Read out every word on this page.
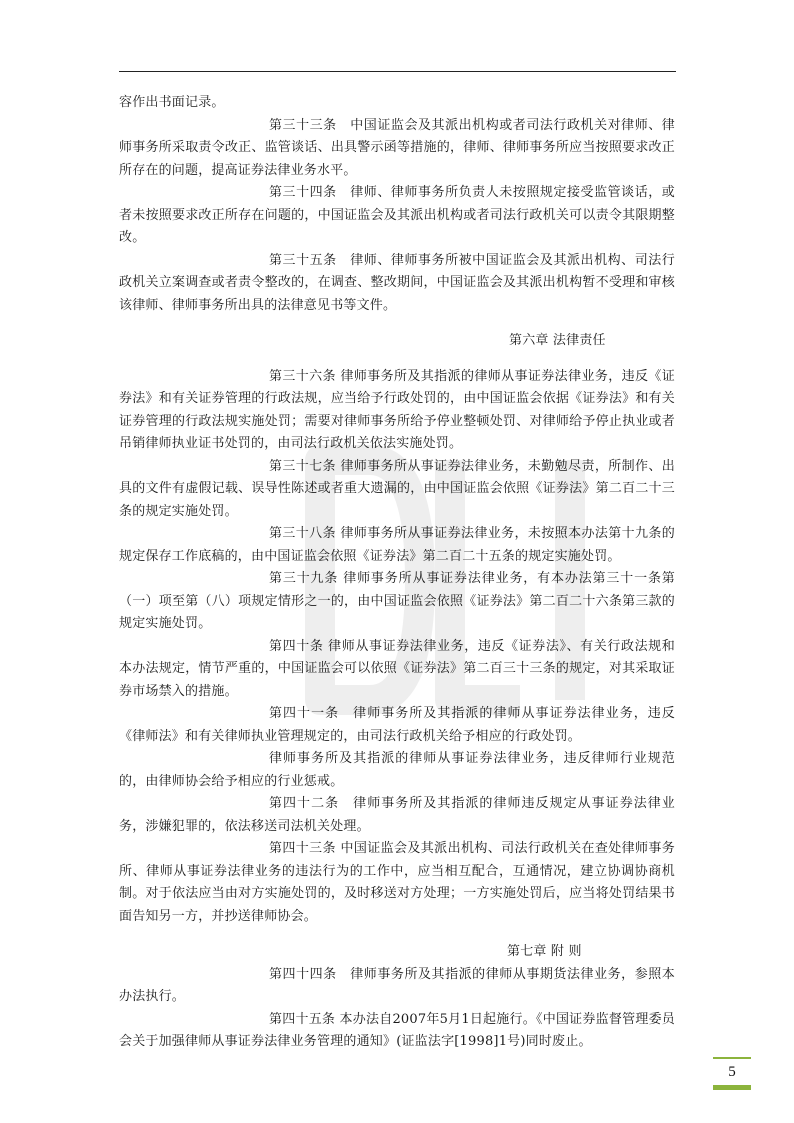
容作出书面记录。

第三十三条　中国证监会及其派出机构或者司法行政机关对律师、律师事务所采取责令改正、监管谈话、出具警示函等措施的，律师、律师事务所应当按照要求改正所存在的问题，提高证券法律业务水平。

第三十四条　律师、律师事务所负责人未按照规定接受监管谈话，或者未按照要求改正所存在问题的，中国证监会及其派出机构或者司法行政机关可以责令其限期整改。

第三十五条　律师、律师事务所被中国证监会及其派出机构、司法行政机关立案调查或者责令整改的，在调查、整改期间，中国证监会及其派出机构暂不受理和审核该律师、律师事务所出具的法律意见书等文件。

第六章 法律责任

第三十六条 律师事务所及其指派的律师从事证券法律业务，违反《证券法》和有关证券管理的行政法规，应当给予行政处罚的，由中国证监会依据《证券法》和有关证券管理的行政法规实施处罚；需要对律师事务所给予停业整顿处罚、对律师给予停止执业或者吊销律师执业证书处罚的，由司法行政机关依法实施处罚。

第三十七条 律师事务所从事证券法律业务，未勤勉尽责，所制作、出具的文件有虚假记载、误导性陈述或者重大遗漏的，由中国证监会依照《证券法》第二百二十三条的规定实施处罚。

第三十八条 律师事务所从事证券法律业务，未按照本办法第十九条的规定保存工作底稿的，由中国证监会依照《证券法》第二百二十五条的规定实施处罚。

第三十九条 律师事务所从事证券法律业务，有本办法第三十一条第（一）项至第（八）项规定情形之一的，由中国证监会依照《证券法》第二百二十六条第三款的规定实施处罚。

第四十条 律师从事证券法律业务，违反《证券法》、有关行政法规和本办法规定，情节严重的，中国证监会可以依照《证券法》第二百三十三条的规定，对其采取证券市场禁入的措施。

第四十一条　律师事务所及其指派的律师从事证券法律业务，违反《律师法》和有关律师执业管理规定的，由司法行政机关给予相应的行政处罚。

律师事务所及其指派的律师从事证券法律业务，违反律师行业规范的，由律师协会给予相应的行业惩戒。

第四十二条　律师事务所及其指派的律师违反规定从事证券法律业务，涉嫌犯罪的，依法移送司法机关处理。

第四十三条 中国证监会及其派出机构、司法行政机关在查处律师事务所、律师从事证券法律业务的违法行为的工作中，应当相互配合，互通情况，建立协调协商机制。对于依法应当由对方实施处罚的，及时移送对方处理；一方实施处罚后，应当将处罚结果书面告知另一方，并抄送律师协会。

第七章 附 则

第四十四条　律师事务所及其指派的律师从事期货法律业务，参照本办法执行。

第四十五条 本办法自2007年5月1日起施行。《中国证券监督管理委员会关于加强律师从事证券法律业务管理的通知》(证监法字[1998]1号)同时废止。

5
